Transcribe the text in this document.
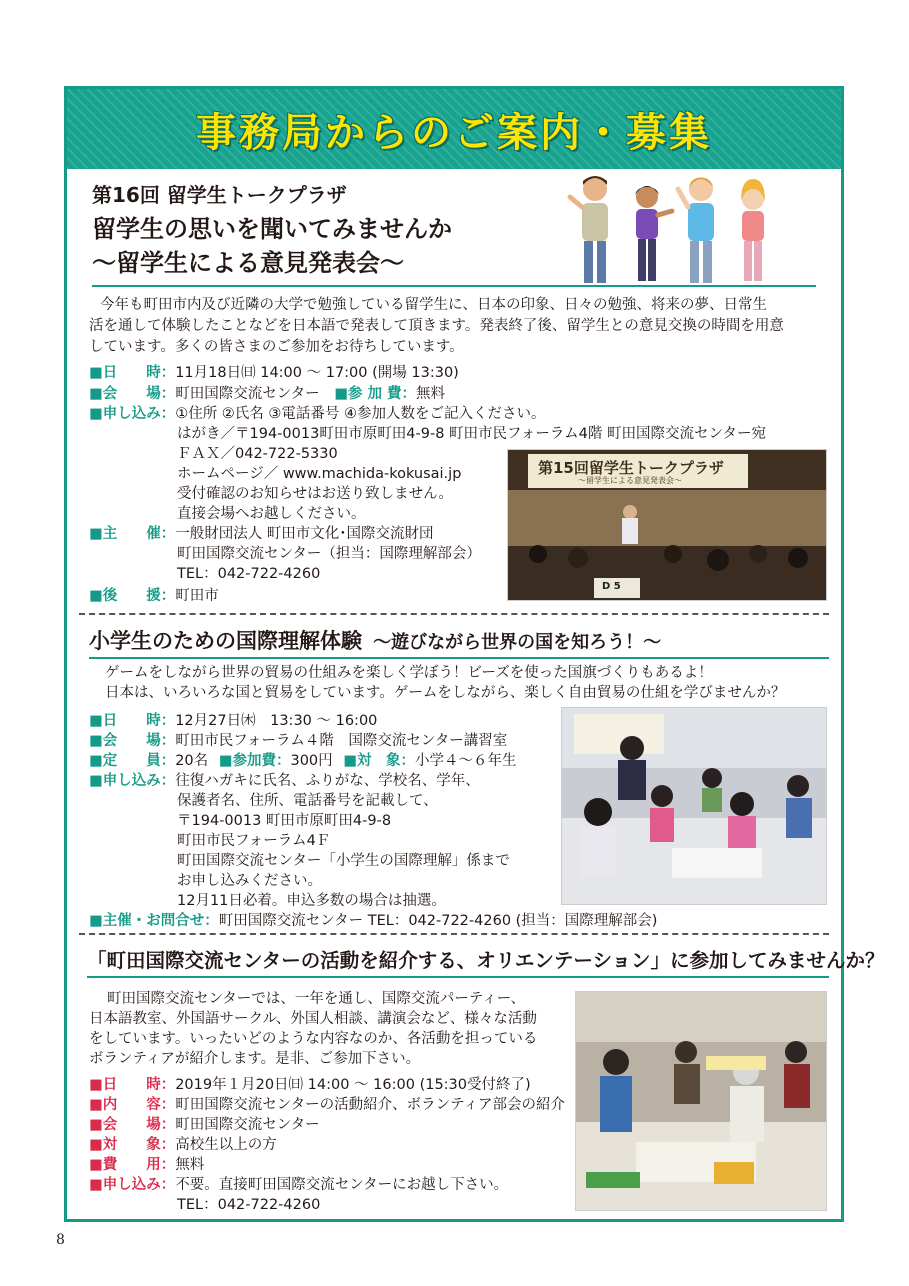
事務局からのご案内・募集
第16回 留学生トークプラザ
留学生の思いを聞いてみませんか
〜留学生による意見発表会〜
今年も町田市内及び近隣の大学で勉強している留学生に、日本の印象、日々の勉強、将来の夢、日常生
活を通して体験したことなどを日本語で発表して頂きます。発表終了後、留学生との意見交換の時間を用意
しています。多くの皆さまのご参加をお待ちしています。
■日　　時：11月18日㈰ 14:00 〜 17:00 (開場 13:30)
■会　　場：町田国際交流センター ■参 加 費：無料
■申し込み：①住所 ②氏名 ③電話番号 ④参加人数をご記入ください。
はがき／〒194-0013町田市原町田4-9-8 町田市民フォーラム4階 町田国際交流センター宛
ＦＡＸ／042-722-5330
ホームページ／ www.machida-kokusai.jp
受付確認のお知らせはお送り致しません。
直接会場へお越しください。
■主　　催：一般財団法人 町田市文化･国際交流財団
町田国際交流センター（担当：国際理解部会）
TEL：042-722-4260
■後　　援：町田市
第15回留学生トークプラザ
〜留学生による意見発表会〜
D 5
小学生のための国際理解体験 〜遊びながら世界の国を知ろう！〜
ゲームをしながら世界の貿易の仕組みを楽しく学ぼう！ビーズを使った国旗づくりもあるよ！
日本は、いろいろな国と貿易をしています。ゲームをしながら、楽しく自由貿易の仕組を学びませんか？
■日　　時：12月27日㈭　13:30 〜 16:00
■会　　場：町田市民フォーラム４階　国際交流センター講習室
■定　　員：20名 ■参加費：300円 ■対　象：小学４〜６年生
■申し込み：往復ハガキに氏名、ふりがな、学校名、学年、
保護者名、住所、電話番号を記載して、
〒194-0013 町田市原町田4-9-8
町田市民フォーラム4Ｆ
町田国際交流センター「小学生の国際理解」係まで
お申し込みください。
12月11日必着。申込多数の場合は抽選。
■主催・お問合せ：町田国際交流センター TEL：042-722-4260 (担当：国際理解部会)
「町田国際交流センターの活動を紹介する、オリエンテーション」に参加してみませんか？
町田国際交流センターでは、一年を通し、国際交流パーティー、
日本語教室、外国語サークル、外国人相談、講演会など、様々な活動
をしています。いったいどのような内容なのか、各活動を担っている
ボランティアが紹介します。是非、ご参加下さい。
■日　　時：2019年１月20日㈰ 14:00 〜 16:00 (15:30受付終了)
■内　　容：町田国際交流センターの活動紹介、ボランティア部会の紹介
■会　　場：町田国際交流センター
■対　　象：高校生以上の方
■費　　用：無料
■申し込み：不要。直接町田国際交流センターにお越し下さい。
TEL：042-722-4260
8
